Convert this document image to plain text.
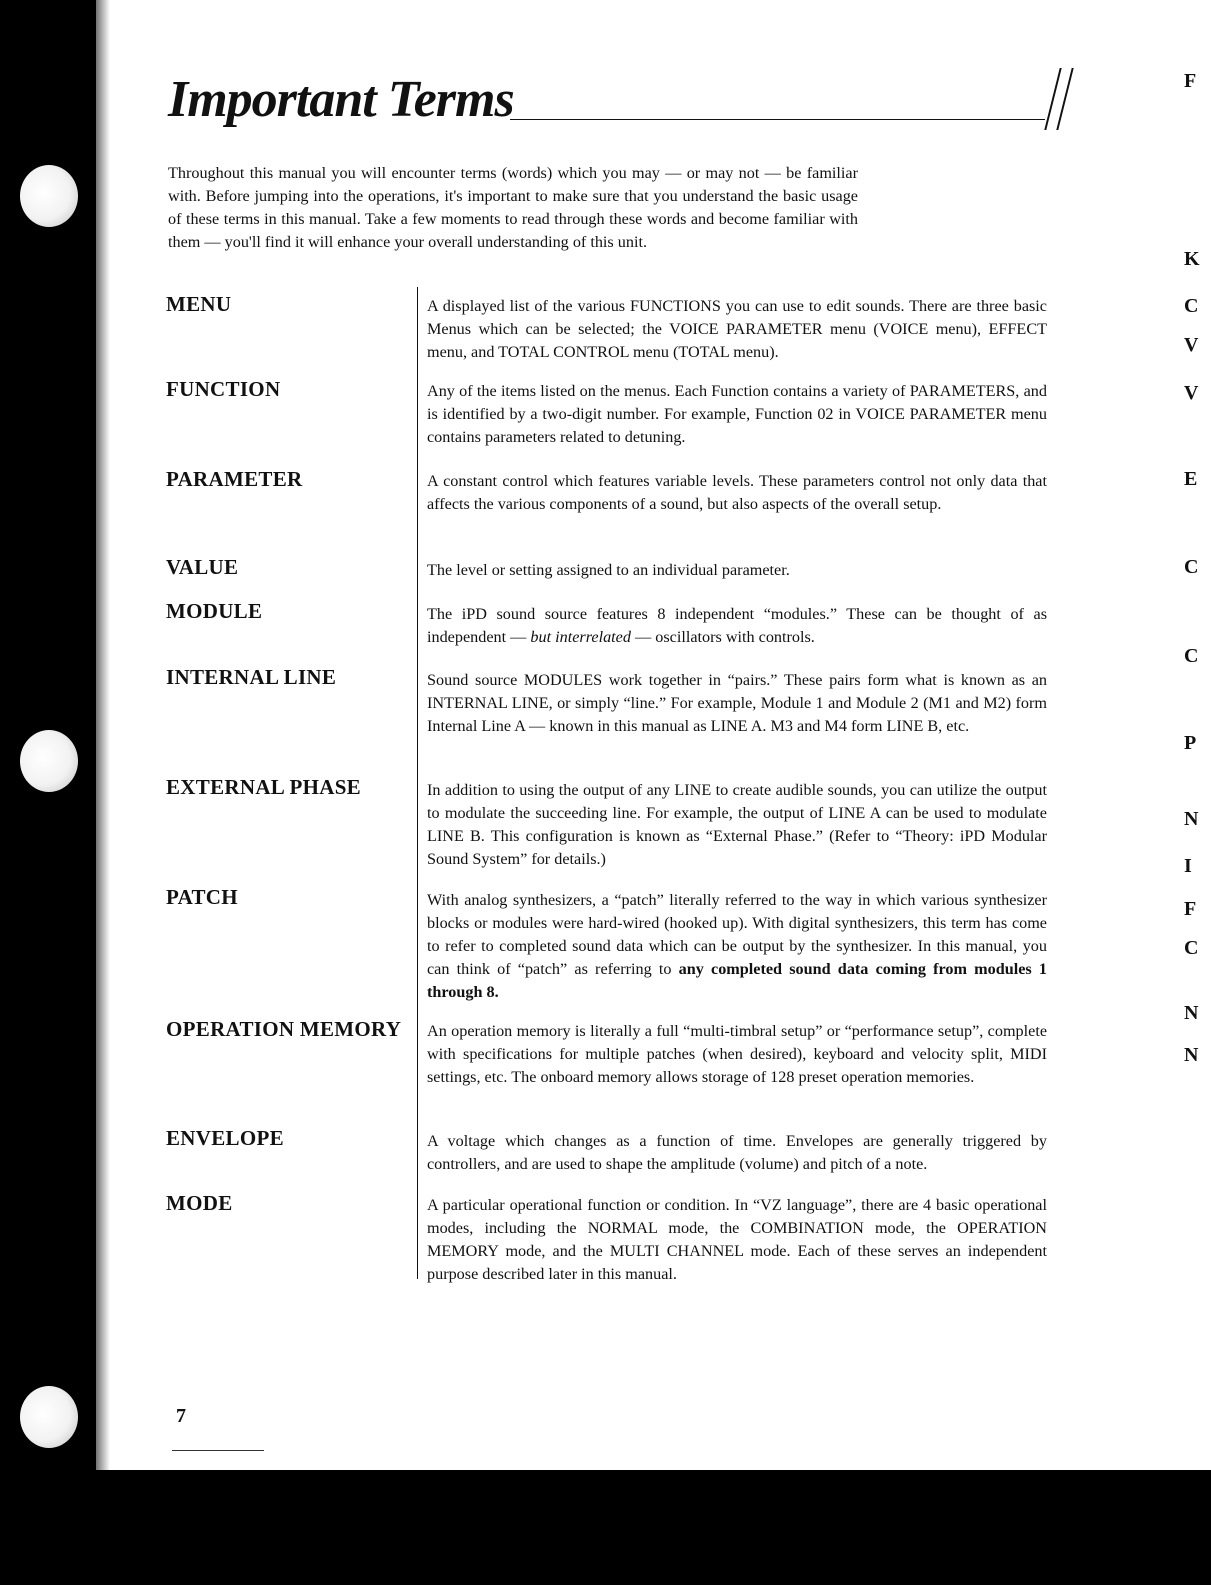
Important Terms

Throughout this manual you will encounter terms (words) which you may — or may not — be familiar with. Before jumping into the operations, it's important to make sure that you understand the basic usage of these terms in this manual. Take a few moments to read through these words and become familiar with them — you'll find it will enhance your overall understanding of this unit.

MENU	A displayed list of the various FUNCTIONS you can use to edit sounds. There are three basic Menus which can be selected; the VOICE PARAMETER menu (VOICE menu), EFFECT menu, and TOTAL CONTROL menu (TOTAL menu).

FUNCTION	Any of the items listed on the menus. Each Function contains a variety of PARAMETERS, and is identified by a two-digit number. For example, Function 02 in VOICE PARAMETER menu contains parameters related to detuning.

PARAMETER	A constant control which features variable levels. These parameters control not only data that affects the various components of a sound, but also aspects of the overall setup.

VALUE	The level or setting assigned to an individual parameter.

MODULE	The iPD sound source features 8 independent “modules.” These can be thought of as independent — but interrelated — oscillators with controls.

INTERNAL LINE	Sound source MODULES work together in “pairs.” These pairs form what is known as an INTERNAL LINE, or simply “line.” For example, Module 1 and Module 2 (M1 and M2) form Internal Line A — known in this manual as LINE A. M3 and M4 form LINE B, etc.

EXTERNAL PHASE	In addition to using the output of any LINE to create audible sounds, you can utilize the output to modulate the succeeding line. For example, the output of LINE A can be used to modulate LINE B. This configuration is known as “External Phase.” (Refer to “Theory: iPD Modular Sound System” for details.)

PATCH	With analog synthesizers, a “patch” literally referred to the way in which various synthesizer blocks or modules were hard-wired (hooked up). With digital synthesizers, this term has come to refer to completed sound data which can be output by the synthesizer. In this manual, you can think of “patch” as referring to any completed sound data coming from modules 1 through 8.

OPERATION MEMORY An operation memory is literally a full “multi-timbral setup” or “performance setup”, complete with specifications for multiple patches (when desired), keyboard and velocity split, MIDI settings, etc. The onboard memory allows storage of 128 preset operation memories.

ENVELOPE	A voltage which changes as a function of time. Envelopes are generally triggered by controllers, and are used to shape the amplitude (volume) and pitch of a note.

MODE	A particular operational function or condition. In “VZ language”, there are 4 basic operational modes, including the NORMAL mode, the COMBINATION mode, the OPERATION MEMORY mode, and the MULTI CHANNEL mode. Each of these serves an independent purpose described later in this manual.

F
K
C
V
V
E
C
C
P
N
I
F
C
N
N
7
